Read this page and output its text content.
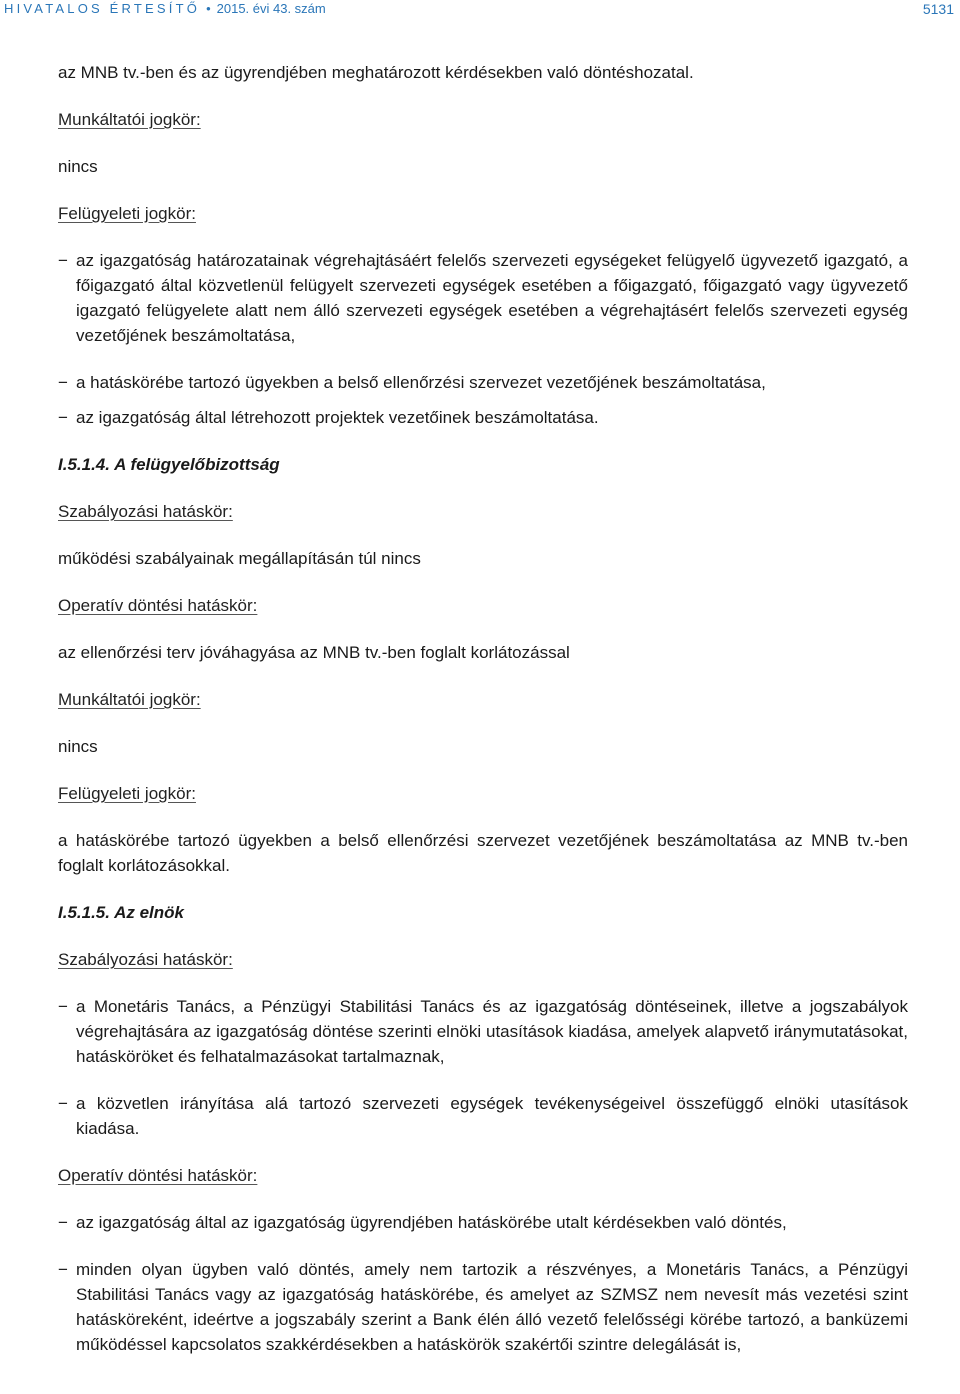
HIVATALOS ÉRTESÍTŐ • 2015. évi 43. szám	5131

az MNB tv.-ben és az ügyrendjében meghatározott kérdésekben való döntéshozatal.

Munkáltatói jogkör:

nincs

Felügyeleti jogkör:

− az igazgatóság határozatainak végrehajtásáért felelős szervezeti egységeket felügyelő ügyvezető igazgató, a főigazgató által közvetlenül felügyelt szervezeti egységek esetében a főigazgató, főigazgató vagy ügyvezető igazgató felügyelete alatt nem álló szervezeti egységek esetében a végrehajtásért felelős szervezeti egység vezetőjének beszámoltatása,

− a hatáskörébe tartozó ügyekben a belső ellenőrzési szervezet vezetőjének beszámoltatása,

− az igazgatóság által létrehozott projektek vezetőinek beszámoltatása.

I.5.1.4. A felügyelőbizottság

Szabályozási hatáskör:

működési szabályainak megállapításán túl nincs

Operatív döntési hatáskör:

az ellenőrzési terv jóváhagyása az MNB tv.-ben foglalt korlátozással

Munkáltatói jogkör:

nincs

Felügyeleti jogkör:

a hatáskörébe tartozó ügyekben a belső ellenőrzési szervezet vezetőjének beszámoltatása az MNB tv.-ben foglalt korlátozásokkal.

I.5.1.5. Az elnök

Szabályozási hatáskör:

− a Monetáris Tanács, a Pénzügyi Stabilitási Tanács és az igazgatóság döntéseinek, illetve a jogszabályok végrehajtására az igazgatóság döntése szerinti elnöki utasítások kiadása, amelyek alapvető iránymutatásokat, hatásköröket és felhatalmazásokat tartalmaznak,

− a közvetlen irányítása alá tartozó szervezeti egységek tevékenységeivel összefüggő elnöki utasítások kiadása.

Operatív döntési hatáskör:

− az igazgatóság által az igazgatóság ügyrendjében hatáskörébe utalt kérdésekben való döntés,

− minden olyan ügyben való döntés, amely nem tartozik a részvényes, a Monetáris Tanács, a Pénzügyi Stabilitási Tanács vagy az igazgatóság hatáskörébe, és amelyet az SZMSZ nem nevesít más vezetési szint hatásköreként, ideértve a jogszabály szerint a Bank élén álló vezető felelősségi körébe tartozó, a banküzemi működéssel kapcsolatos szakkérdésekben a hatáskörök szakértői szintre delegálását is,
